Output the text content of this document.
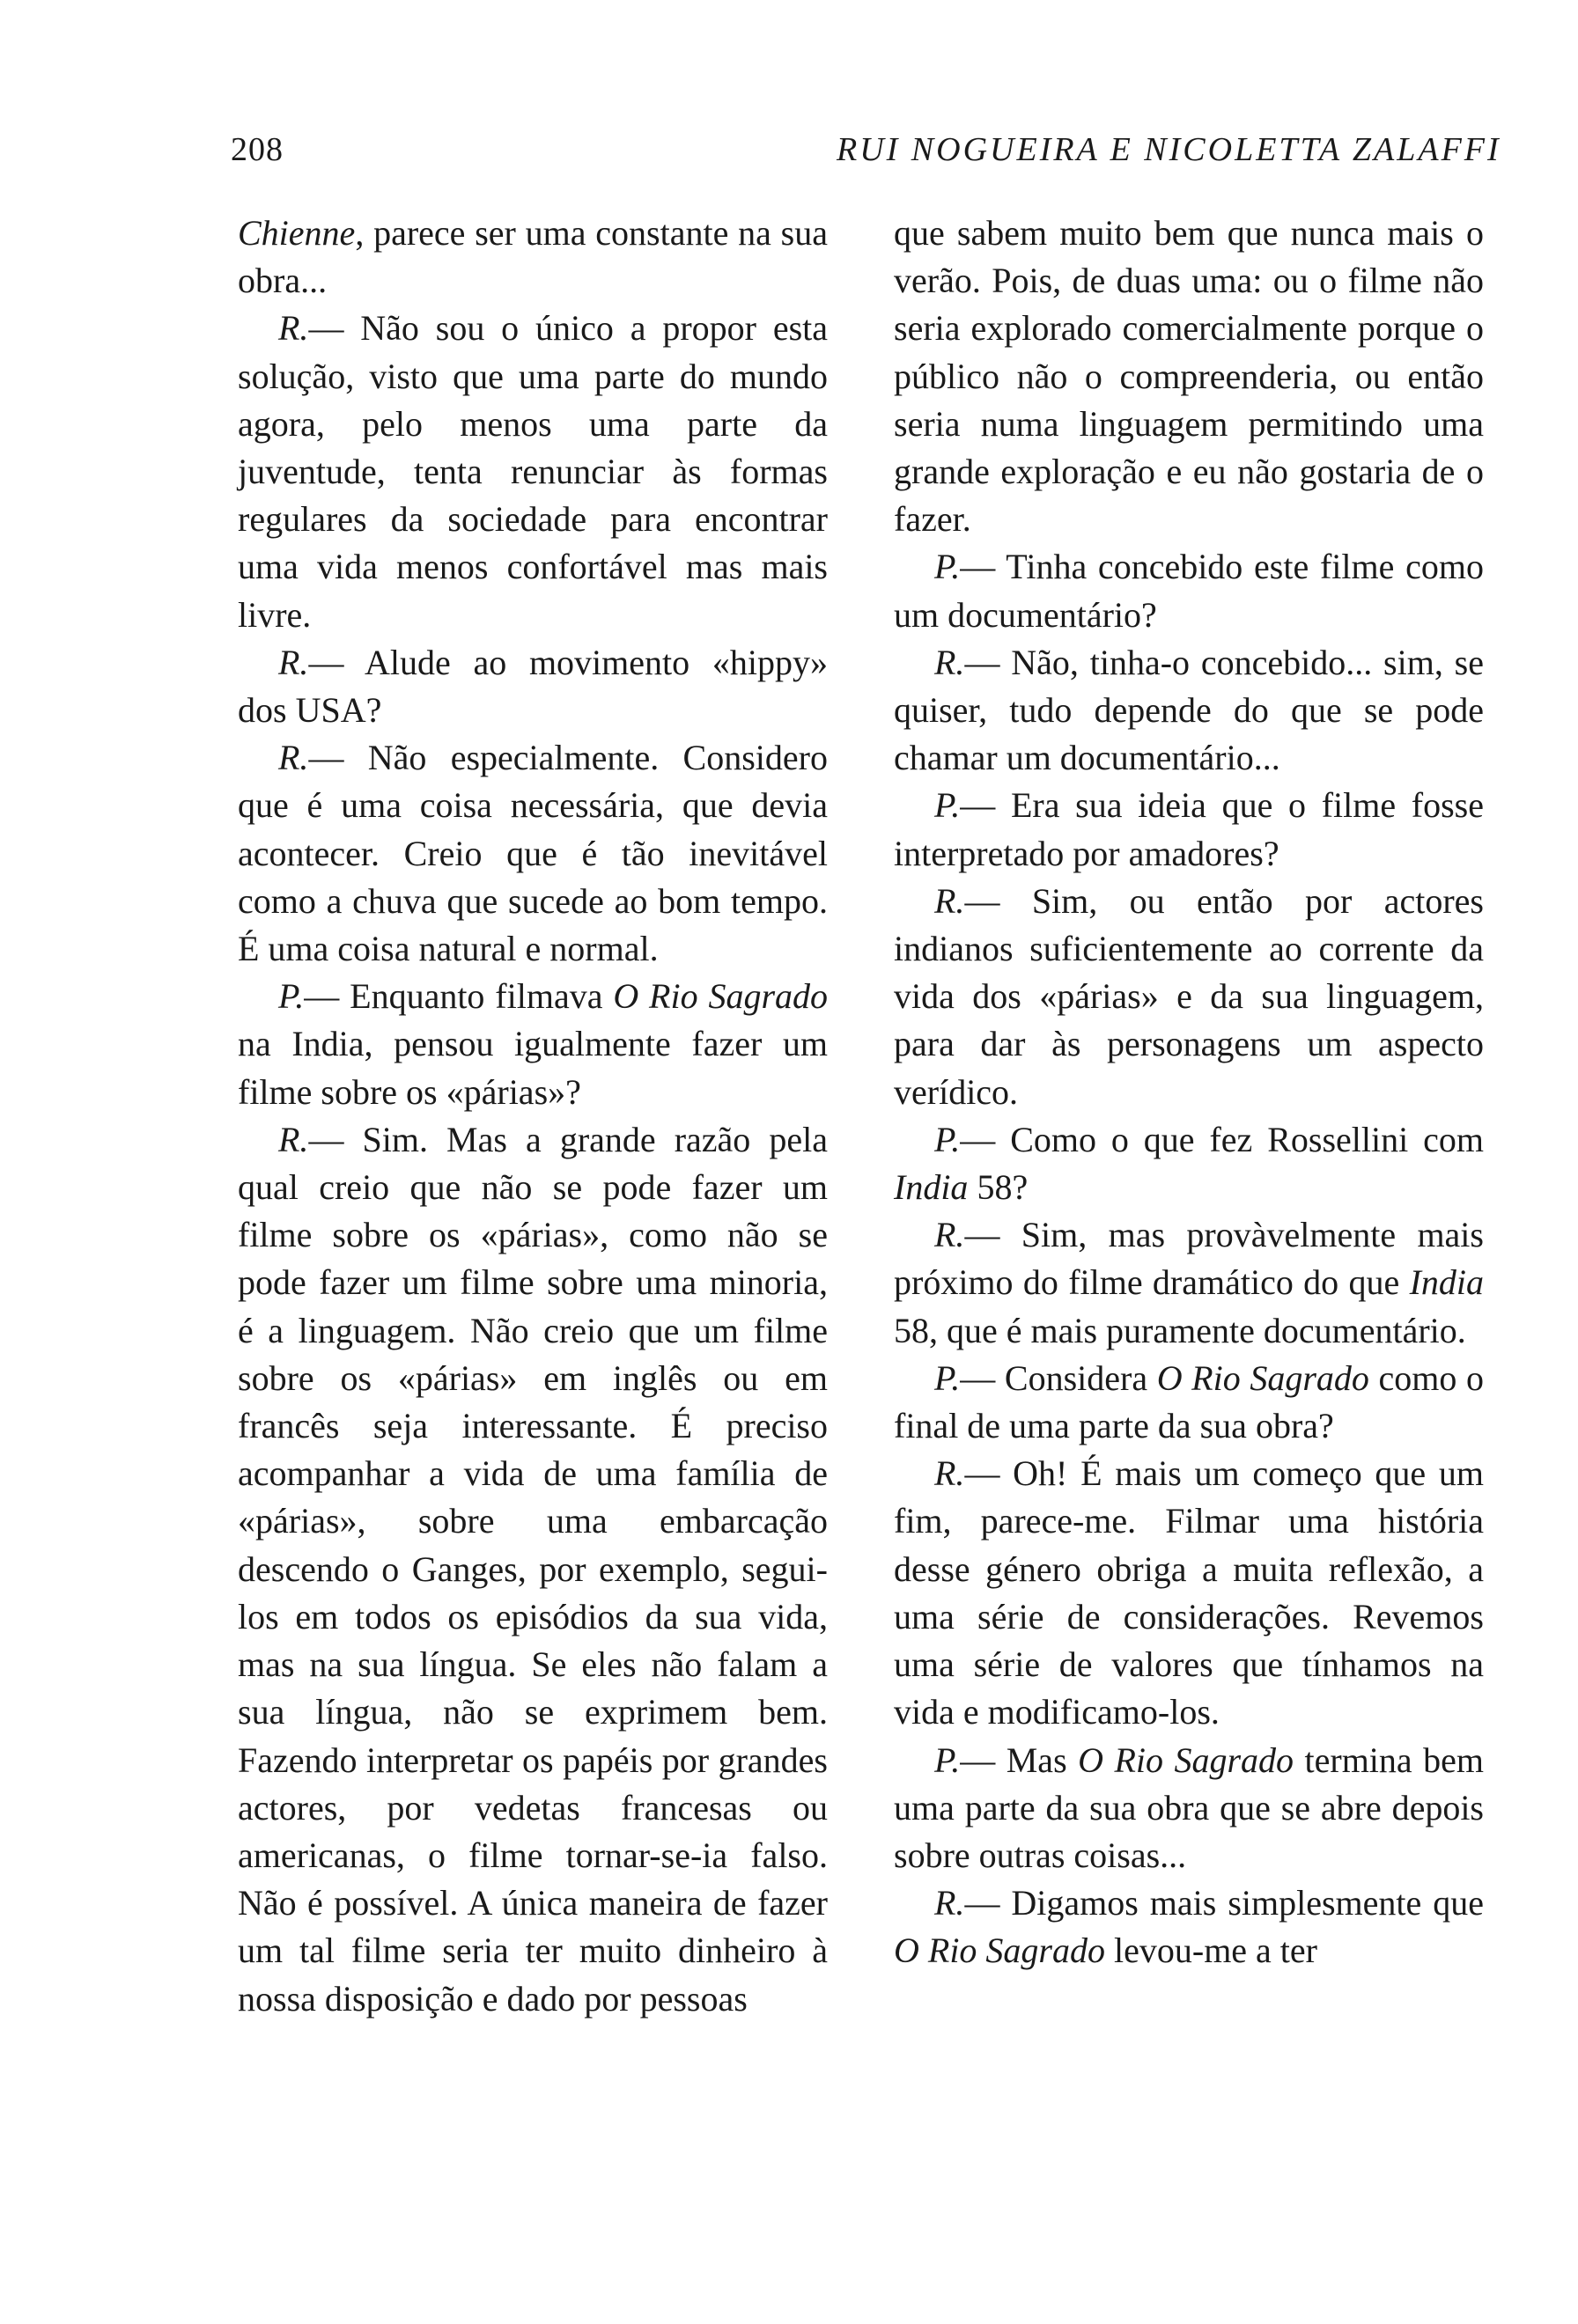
208	RUI NOGUEIRA E NICOLETTA ZALAFFI

Chienne, parece ser uma constante na sua obra...

R.— Não sou o único a propor esta solução, visto que uma parte do mundo agora, pelo menos uma parte da juventude, tenta renunciar às formas regulares da sociedade para encontrar uma vida menos confortável mas mais livre.

R.— Alude ao movimento «hippy» dos USA?

R.— Não especialmente. Considero que é uma coisa necessária, que devia acontecer. Creio que é tão inevitável como a chuva que sucede ao bom tempo. É uma coisa natural e normal.

P.— Enquanto filmava O Rio Sagrado na India, pensou igualmente fazer um filme sobre os «párias»?

R.— Sim. Mas a grande razão pela qual creio que não se pode fazer um filme sobre os «párias», como não se pode fazer um filme sobre uma minoria, é a linguagem. Não creio que um filme sobre os «párias» em inglês ou em francês seja interessante. É preciso acompanhar a vida de uma família de «párias», sobre uma embarcação descendo o Ganges, por exemplo, segui-los em todos os episódios da sua vida, mas na sua língua. Se eles não falam a sua língua, não se exprimem bem. Fazendo interpretar os papéis por grandes actores, por vedetas francesas ou americanas, o filme tornar-se-ia falso. Não é possível. A única maneira de fazer um tal filme seria ter muito dinheiro à nossa disposição e dado por pessoas

que sabem muito bem que nunca mais o verão. Pois, de duas uma: ou o filme não seria explorado comercialmente porque o público não o compreenderia, ou então seria numa linguagem permitindo uma grande exploração e eu não gostaria de o fazer.

P.— Tinha concebido este filme como um documentário?

R.— Não, tinha-o concebido... sim, se quiser, tudo depende do que se pode chamar um documentário...

P.— Era sua ideia que o filme fosse interpretado por amadores?

R.— Sim, ou então por actores indianos suficientemente ao corrente da vida dos «párias» e da sua linguagem, para dar às personagens um aspecto verídico.

P.— Como o que fez Rossellini com India 58?

R.— Sim, mas provàvelmente mais próximo do filme dramático do que India 58, que é mais puramente documentário.

P.— Considera O Rio Sagrado como o final de uma parte da sua obra?

R.— Oh! É mais um começo que um fim, parece-me. Filmar uma história desse género obriga a muita reflexão, a uma série de considerações. Revemos uma série de valores que tínhamos na vida e modificamo-los.

P.— Mas O Rio Sagrado termina bem uma parte da sua obra que se abre depois sobre outras coisas...

R.— Digamos mais simplesmente que O Rio Sagrado levou-me a ter
